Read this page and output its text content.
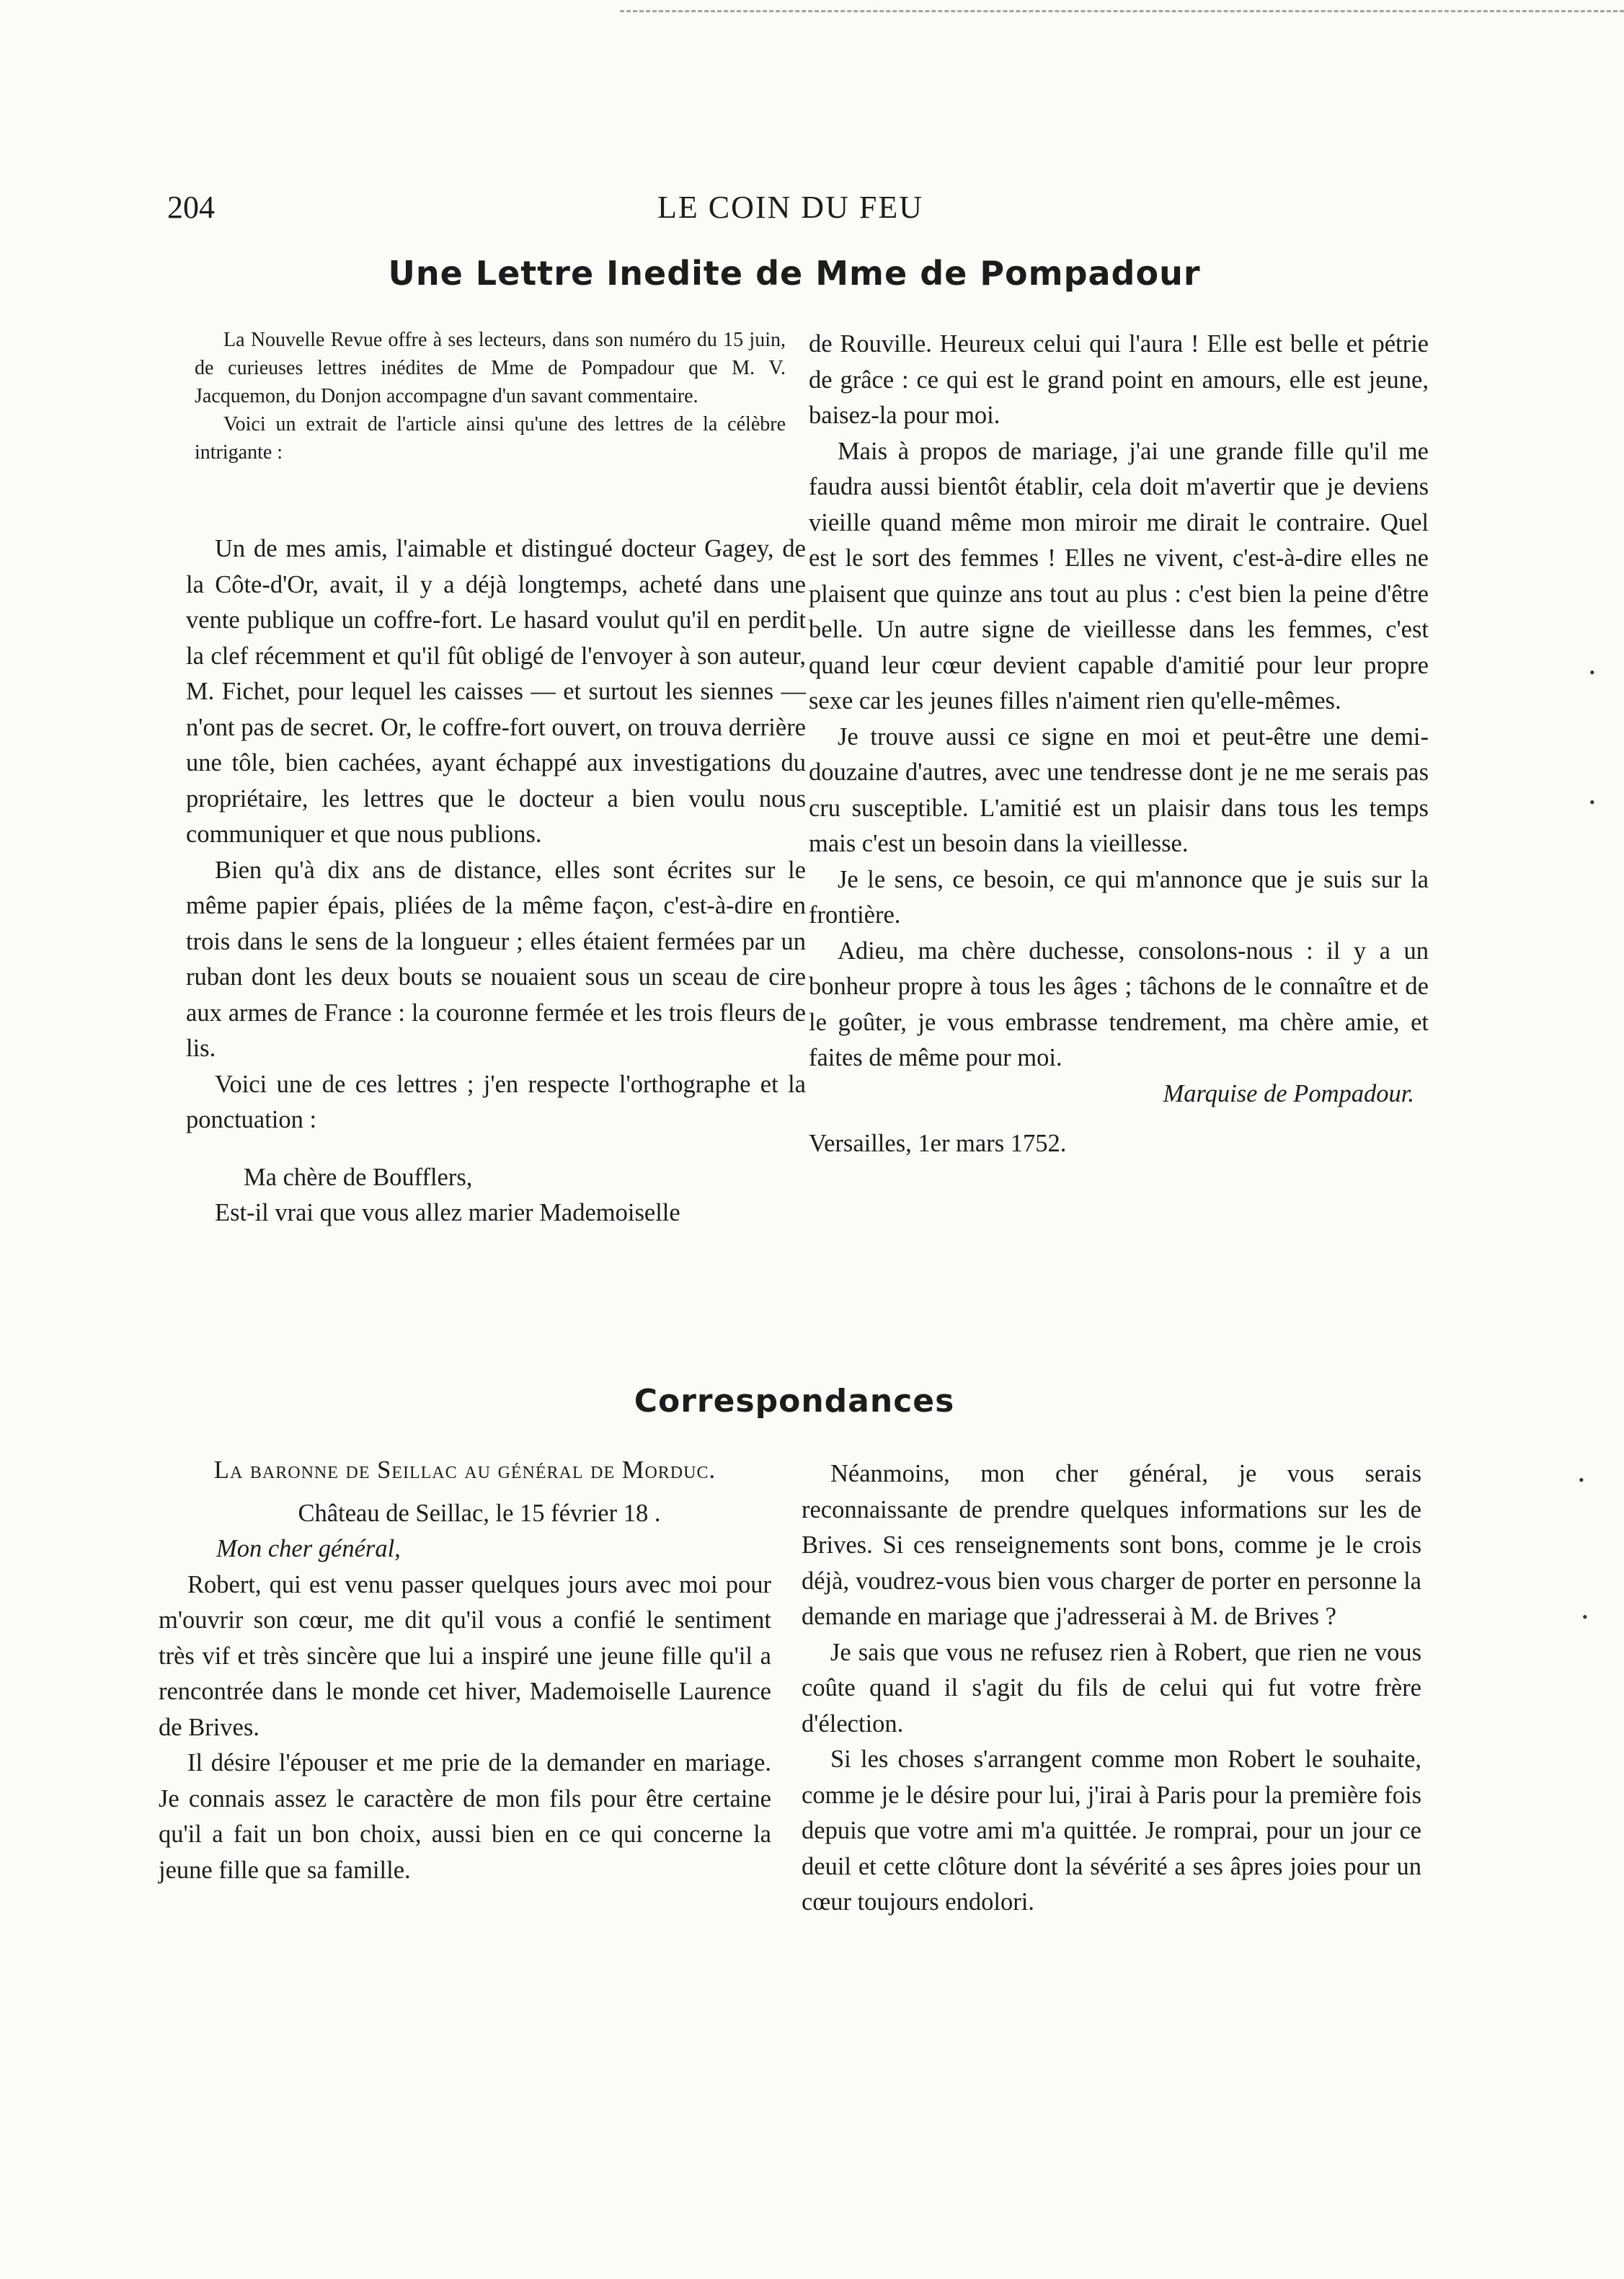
204	LE COIN DU FEU
Une Lettre Inedite de Mme de Pompadour

La Nouvelle Revue offre à ses lecteurs, dans son numéro du 15 juin, de curieuses lettres inédites de Mme de Pompadour que M. V. Jacquemon, du Donjon accompagne d'un savant commentaire.

Voici un extrait de l'article ainsi qu'une des lettres de la célèbre intrigante :

Un de mes amis, l'aimable et distingué docteur Gagey, de la Côte-d'Or, avait, il y a déjà longtemps, acheté dans une vente publique un coffre-fort. Le hasard voulut qu'il en perdit la clef récemment et qu'il fût obligé de l'envoyer à son auteur, M. Fichet, pour lequel les caisses — et surtout les siennes — n'ont pas de secret. Or, le coffre-fort ouvert, on trouva derrière une tôle, bien cachées, ayant échappé aux investigations du propriétaire, les lettres que le docteur a bien voulu nous communiquer et que nous publions.

Bien qu'à dix ans de distance, elles sont écrites sur le même papier épais, pliées de la même façon, c'est-à-dire en trois dans le sens de la longueur ; elles étaient fermées par un ruban dont les deux bouts se nouaient sous un sceau de cire aux armes de France : la couronne fermée et les trois fleurs de lis.

Voici une de ces lettres ; j'en respecte l'orthographe et la ponctuation :

Ma chère de Boufflers,

Est-il vrai que vous allez marier Mademoiselle

de Rouville. Heureux celui qui l'aura ! Elle est belle et pétrie de grâce : ce qui est le grand point en amours, elle est jeune, baisez-la pour moi.

Mais à propos de mariage, j'ai une grande fille qu'il me faudra aussi bientôt établir, cela doit m'avertir que je deviens vieille quand même mon miroir me dirait le contraire. Quel est le sort des femmes ! Elles ne vivent, c'est-à-dire elles ne plaisent que quinze ans tout au plus : c'est bien la peine d'être belle. Un autre signe de vieillesse dans les femmes, c'est quand leur cœur devient capable d'amitié pour leur propre sexe car les jeunes filles n'aiment rien qu'elle-mêmes.

Je trouve aussi ce signe en moi et peut-être une demi-douzaine d'autres, avec une tendresse dont je ne me serais pas cru susceptible. L'amitié est un plaisir dans tous les temps mais c'est un besoin dans la vieillesse.

Je le sens, ce besoin, ce qui m'annonce que je suis sur la frontière.

Adieu, ma chère duchesse, consolons-nous : il y a un bonheur propre à tous les âges ; tâchons de le connaître et de le goûter, je vous embrasse tendrement, ma chère amie, et faites de même pour moi.

Marquise de Pompadour.

Versailles, 1er mars 1752.

Correspondances

La baronne de Seillac au général de Morduc.

Château de Seillac, le 15 février 18 .

Mon cher général,

Robert, qui est venu passer quelques jours avec moi pour m'ouvrir son cœur, me dit qu'il vous a confié le sentiment très vif et très sincère que lui a inspiré une jeune fille qu'il a rencontrée dans le monde cet hiver, Mademoiselle Laurence de Brives.

Il désire l'épouser et me prie de la demander en mariage. Je connais assez le caractère de mon fils pour être certaine qu'il a fait un bon choix, aussi bien en ce qui concerne la jeune fille que sa famille.

Néanmoins, mon cher général, je vous serais reconnaissante de prendre quelques informations sur les de Brives. Si ces renseignements sont bons, comme je le crois déjà, voudrez-vous bien vous charger de porter en personne la demande en mariage que j'adresserai à M. de Brives ?

Je sais que vous ne refusez rien à Robert, que rien ne vous coûte quand il s'agit du fils de celui qui fut votre frère d'élection.

Si les choses s'arrangent comme mon Robert le souhaite, comme je le désire pour lui, j'irai à Paris pour la première fois depuis que votre ami m'a quittée. Je romprai, pour un jour ce deuil et cette clôture dont la sévérité a ses âpres joies pour un cœur toujours endolori.

•
•
•
•
